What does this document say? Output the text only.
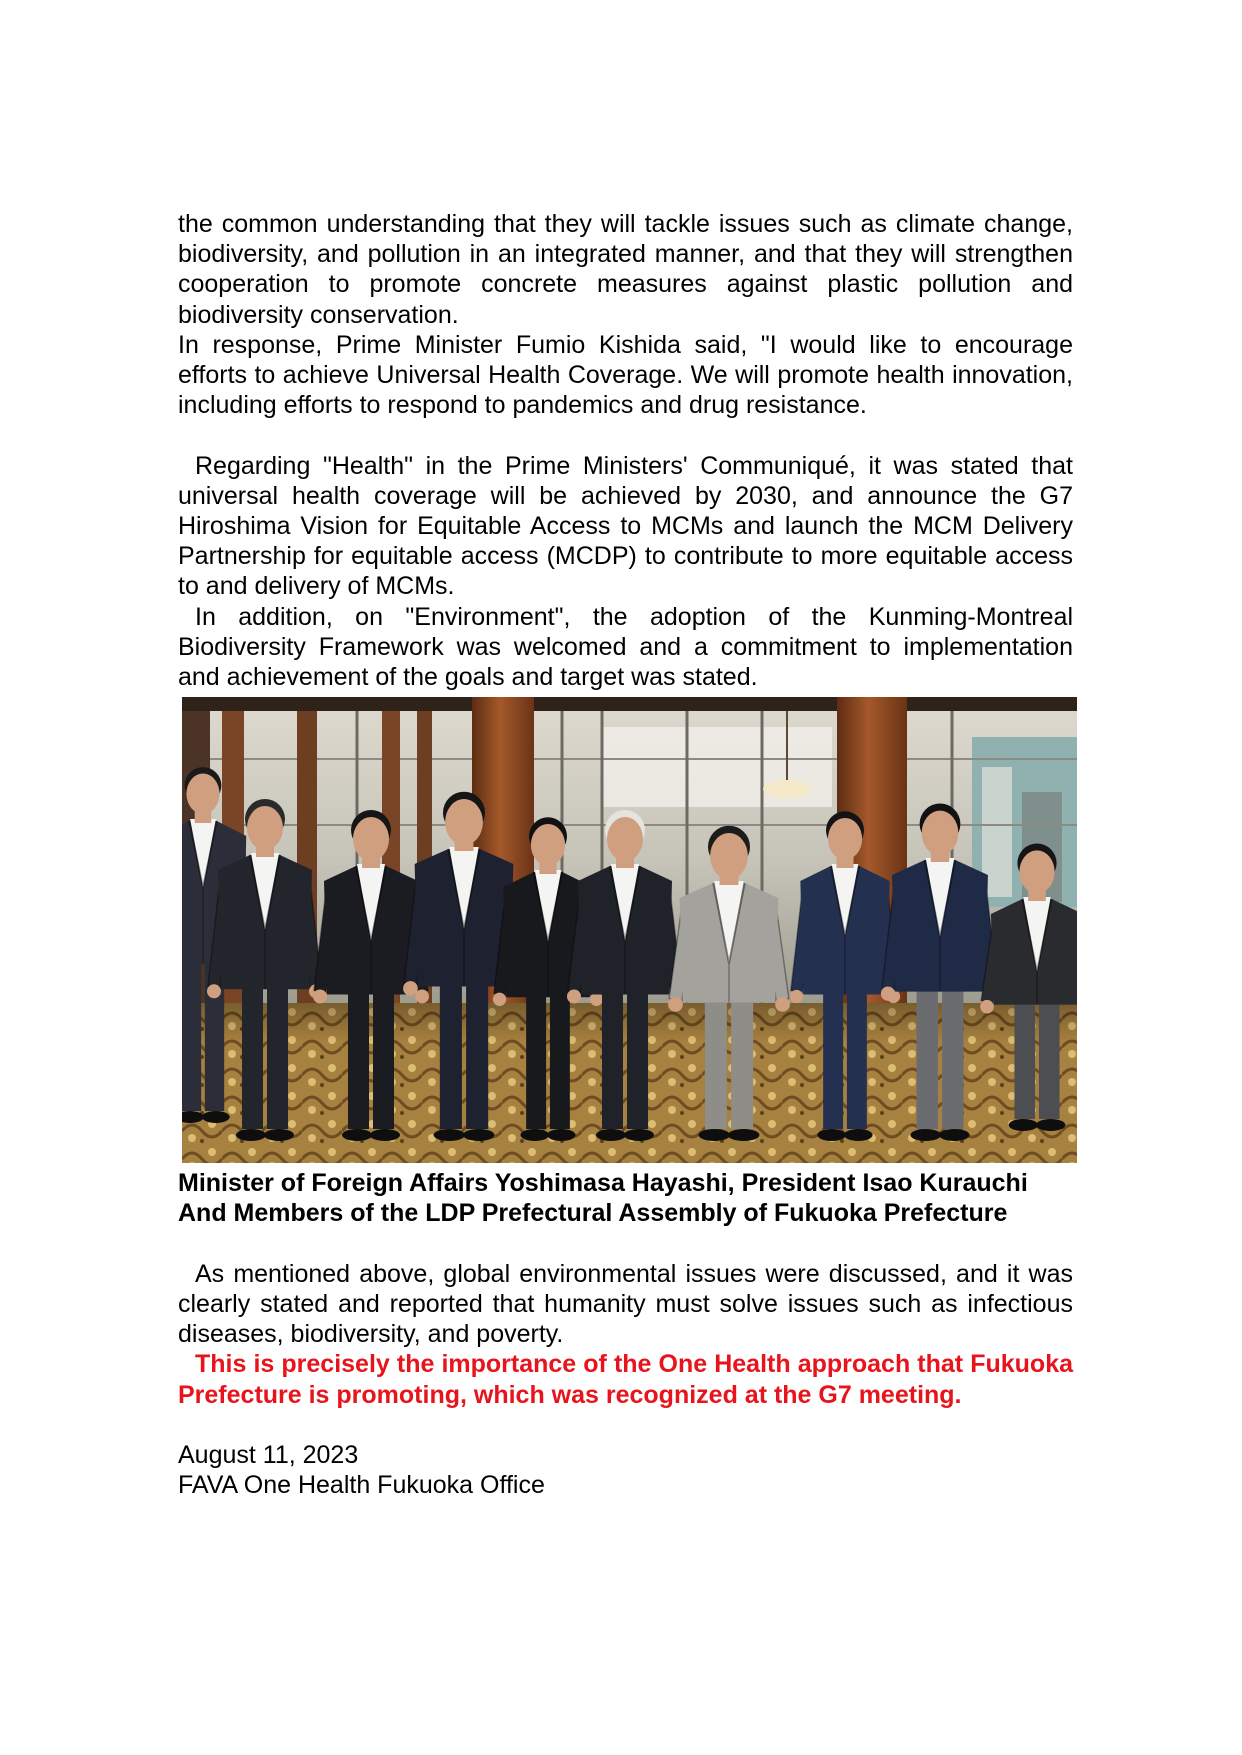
the common understanding that they will tackle issues such as climate change, biodiversity, and pollution in an integrated manner, and that they will strengthen cooperation to promote concrete measures against plastic pollution and biodiversity conservation.

In response, Prime Minister Fumio Kishida said, "I would like to encourage efforts to achieve Universal Health Coverage. We will promote health innovation, including efforts to respond to pandemics and drug resistance.

Regarding "Health" in the Prime Ministers' Communiqué, it was stated that universal health coverage will be achieved by 2030, and announce the G7 Hiroshima Vision for Equitable Access to MCMs and launch the MCM Delivery Partnership for equitable access (MCDP) to contribute to more equitable access to and delivery of MCMs.

In addition, on "Environment", the adoption of the Kunming-Montreal Biodiversity Framework was welcomed and a commitment to implementation and achievement of the goals and target was stated.

Minister of Foreign Affairs Yoshimasa Hayashi, President Isao Kurauchi
And Members of the LDP Prefectural Assembly of Fukuoka Prefecture

As mentioned above, global environmental issues were discussed, and it was clearly stated and reported that humanity must solve issues such as infectious diseases, biodiversity, and poverty.

This is precisely the importance of the One Health approach that Fukuoka Prefecture is promoting, which was recognized at the G7 meeting.

August 11, 2023
FAVA One Health Fukuoka Office
